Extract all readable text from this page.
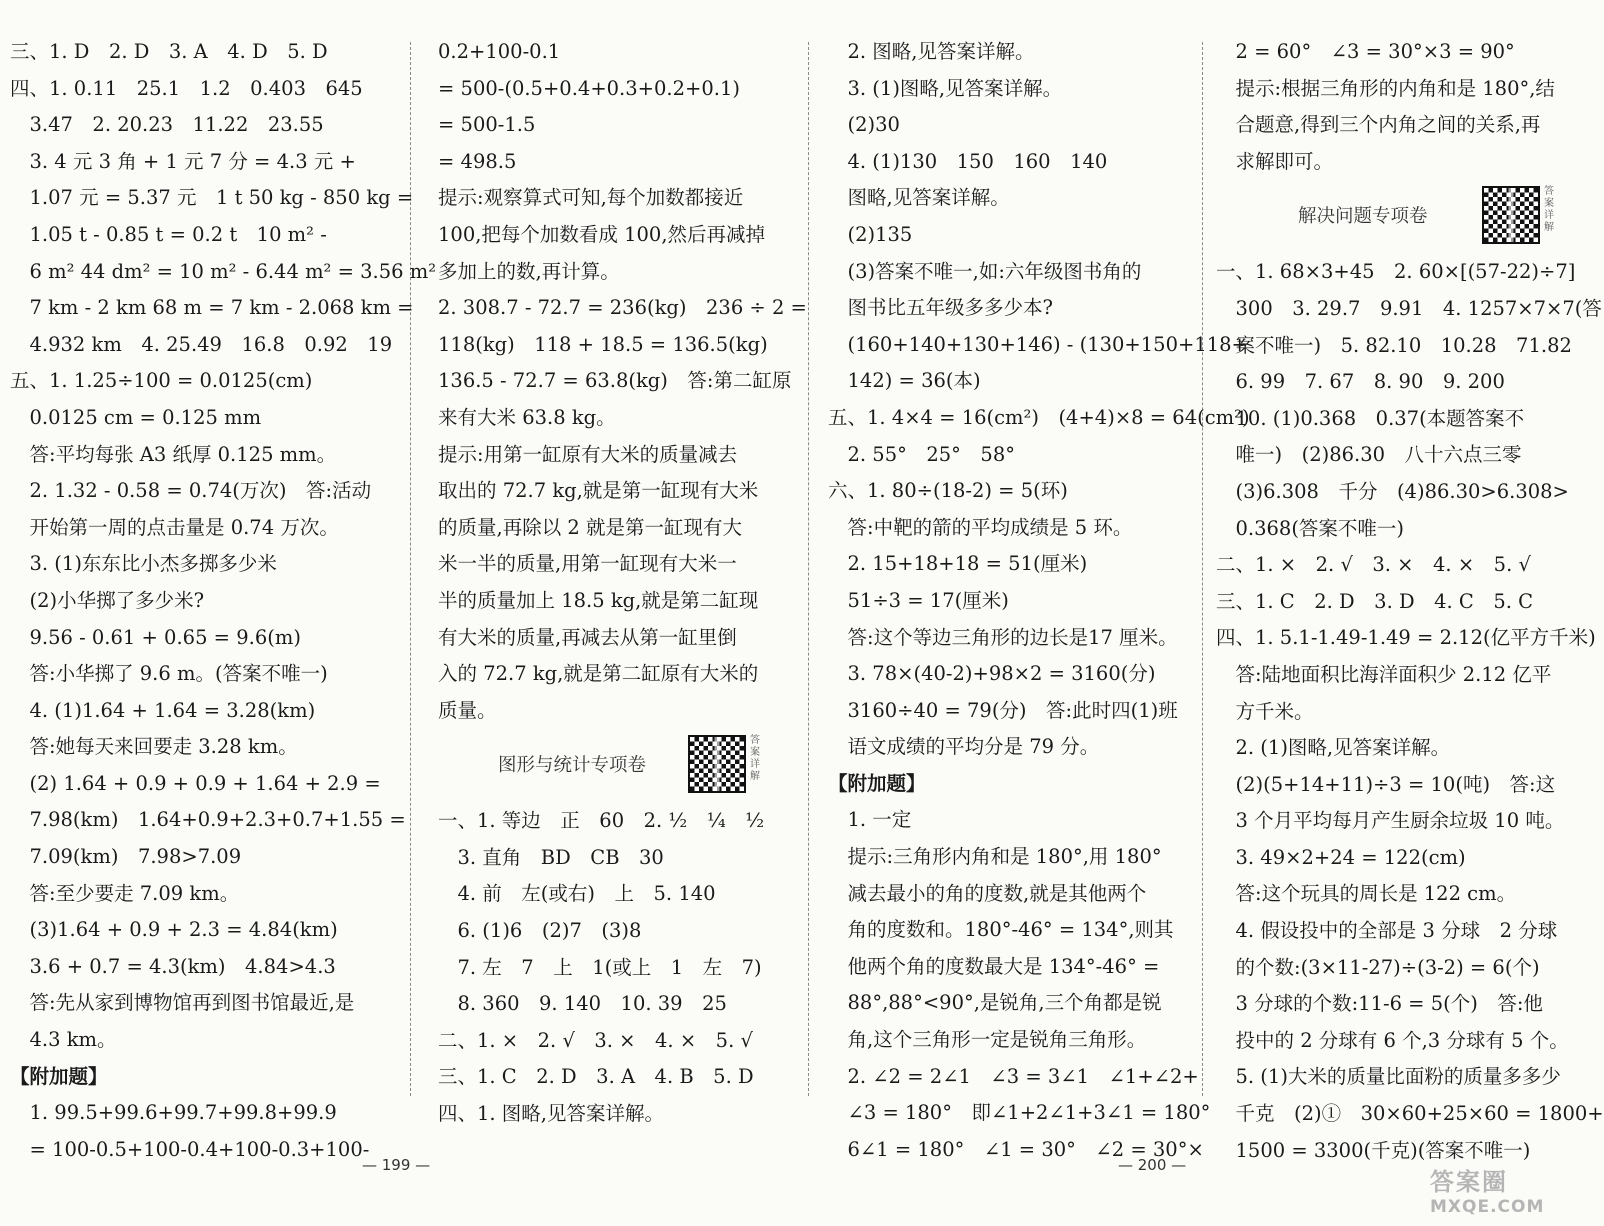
三、1. D　2. D　3. A　4. D　5. D
四、1. 0.11　25.1　1.2　0.403　645
　3.47　2. 20.23　11.22　23.55
　3. 4 元 3 角 + 1 元 7 分 = 4.3 元 +
　1.07 元 = 5.37 元　1 t 50 kg - 850 kg =
　1.05 t - 0.85 t = 0.2 t　10 m² -
　6 m² 44 dm² = 10 m² - 6.44 m² = 3.56 m²
　7 km - 2 km 68 m = 7 km - 2.068 km =
　4.932 km　4. 25.49　16.8　0.92　19
五、1. 1.25÷100 = 0.0125(cm)
　0.0125 cm = 0.125 mm
　答:平均每张 A3 纸厚 0.125 mm。
　2. 1.32 - 0.58 = 0.74(万次)　答:活动
　开始第一周的点击量是 0.74 万次。
　3. (1)东东比小杰多掷多少米
　(2)小华掷了多少米?
　9.56 - 0.61 + 0.65 = 9.6(m)
　答:小华掷了 9.6 m。(答案不唯一)
　4. (1)1.64 + 1.64 = 3.28(km)
　答:她每天来回要走 3.28 km。
　(2) 1.64 + 0.9 + 0.9 + 1.64 + 2.9 =
　7.98(km)　1.64+0.9+2.3+0.7+1.55 =
　7.09(km)　7.98>7.09
　答:至少要走 7.09 km。
　(3)1.64 + 0.9 + 2.3 = 4.84(km)
　3.6 + 0.7 = 4.3(km)　4.84>4.3
　答:先从家到博物馆再到图书馆最近,是
　4.3 km。
【附加题】
　1. 99.5+99.6+99.7+99.8+99.9
　= 100-0.5+100-0.4+100-0.3+100-
0.2+100-0.1
= 500-(0.5+0.4+0.3+0.2+0.1)
= 500-1.5
= 498.5
提示:观察算式可知,每个加数都接近
100,把每个加数看成 100,然后再减掉
多加上的数,再计算。
2. 308.7 - 72.7 = 236(kg)　236 ÷ 2 =
118(kg)　118 + 18.5 = 136.5(kg)
136.5 - 72.7 = 63.8(kg)　答:第二缸原
来有大米 63.8 kg。
提示:用第一缸原有大米的质量减去
取出的 72.7 kg,就是第一缸现有大米
的质量,再除以 2 就是第一缸现有大
米一半的质量,用第一缸现有大米一
半的质量加上 18.5 kg,就是第二缸现
有大米的质量,再减去从第一缸里倒
入的 72.7 kg,就是第二缸原有大米的
质量。
图形与统计专项卷
答案详解
一、1. 等边　正　60　2. ½　¼　½
　3. 直角　BD　CB　30
　4. 前　左(或右)　上　5. 140
　6. (1)6　(2)7　(3)8
　7. 左　7　上　1(或上　1　左　7)
　8. 360　9. 140　10. 39　25
二、1. ×　2. √　3. ×　4. ×　5. √
三、1. C　2. D　3. A　4. B　5. D
四、1. 图略,见答案详解。
　2. 图略,见答案详解。
　3. (1)图略,见答案详解。
　(2)30
　4. (1)130　150　160　140
　图略,见答案详解。
　(2)135
　(3)答案不唯一,如:六年级图书角的
　图书比五年级多多少本?
　(160+140+130+146) - (130+150+118+
　142) = 36(本)
五、1. 4×4 = 16(cm²)　(4+4)×8 = 64(cm²)
　2. 55°　25°　58°
六、1. 80÷(18-2) = 5(环)
　答:中靶的箭的平均成绩是 5 环。
　2. 15+18+18 = 51(厘米)
　51÷3 = 17(厘米)
　答:这个等边三角形的边长是17 厘米。
　3. 78×(40-2)+98×2 = 3160(分)
　3160÷40 = 79(分)　答:此时四(1)班
　语文成绩的平均分是 79 分。
【附加题】
　1. 一定
　提示:三角形内角和是 180°,用 180°
　减去最小的角的度数,就是其他两个
　角的度数和。180°-46° = 134°,则其
　他两个角的度数最大是 134°-46° =
　88°,88°<90°,是锐角,三个角都是锐
　角,这个三角形一定是锐角三角形。
　2. ∠2 = 2∠1　∠3 = 3∠1　∠1+∠2+
　∠3 = 180°　即∠1+2∠1+3∠1 = 180°
　6∠1 = 180°　∠1 = 30°　∠2 = 30°×
　2 = 60°　∠3 = 30°×3 = 90°
　提示:根据三角形的内角和是 180°,结
　合题意,得到三个内角之间的关系,再
　求解即可。
解决问题专项卷
答案详解
一、1. 68×3+45　2. 60×[(57-22)÷7]
　300　3. 29.7　9.91　4. 1257×7×7(答
　案不唯一)　5. 82.10　10.28　71.82
　6. 99　7. 67　8. 90　9. 200
　10. (1)0.368　0.37(本题答案不
　唯一)　(2)86.30　八十六点三零
　(3)6.308　千分　(4)86.30>6.308>
　0.368(答案不唯一)
二、1. ×　2. √　3. ×　4. ×　5. √
三、1. C　2. D　3. D　4. C　5. C
四、1. 5.1-1.49-1.49 = 2.12(亿平方千米)
　答:陆地面积比海洋面积少 2.12 亿平
　方千米。
　2. (1)图略,见答案详解。
　(2)(5+14+11)÷3 = 10(吨)　答:这
　3 个月平均每月产生厨余垃圾 10 吨。
　3. 49×2+24 = 122(cm)
　答:这个玩具的周长是 122 cm。
　4. 假设投中的全部是 3 分球　2 分球
　的个数:(3×11-27)÷(3-2) = 6(个)
　3 分球的个数:11-6 = 5(个)　答:他
　投中的 2 分球有 6 个,3 分球有 5 个。
　5. (1)大米的质量比面粉的质量多多少
　千克　(2)①　30×60+25×60 = 1800+
　1500 = 3300(千克)(答案不唯一)
— 199 —	— 200 —
答案圈
MXQE.COM
